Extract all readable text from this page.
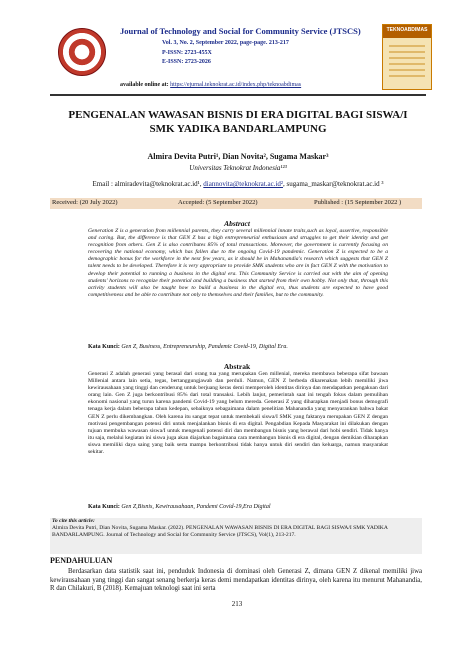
Journal of Technology and Social for Community Service (JTSCS)
Vol. 3, No. 2, September 2022, page-page. 213-217
P-ISSN: 2723-455X
E-ISSN: 2723-2026
available online at: https://ejurnal.teknokrat.ac.id/index.php/teknoabdimas
TEKNOABDIMAS
PENGENALAN WAWASAN BISNIS DI ERA DIGITAL BAGI SISWA/I
SMK YADIKA BANDARLAMPUNG
Almira Devita Putri¹, Dian Novita², Sugama Maskar³
Universitas Teknokrat Indonesia¹²³
Email : almiradevita@teknokrat.ac.id¹, diannovita@teknokrat.ac.id², sugama_maskar@teknokrat.ac.id ³
Received: (20 July 2022)	Accepted: (5 September 2022)	Published : (15 September 2022 )
Abstract
Generation Z is a generation from millennial parents, they carry several millennial innate traits,such as loyal, assertive, responsible and caring. But, the difference is that GEN Z has a high entrepreneurial enthusiasm and struggles to get their identity and get recognition from others. Gen Z is also contributes 85% of total transactions. Moreover, the government is currently focusing on recovering the national economy, which has fallen due to the ongoing Covid-19 pandemic. Generation Z is expected to be a demographic bonus for the workforce in the next few years, as it should be in Mahanandia's research which suggests that GEN Z talent needs to be developed. Therefore it is very appropriate to provide SMK students who are in fact GEN Z with the motivation to develop their potential to running a business in the digital era. This Community Service is carried out with the aim of opening students' horizons to recognize their potential and building a business that started from their own hobby. Not only that, through this activity students will also be taught how to build a business in the digital era, thus students are expected to have good competitiveness and be able to contribute not only to themselves and their families, but to the community.
Kata Kunci: Gen Z, Business, Entrepreneurship, Pandemic Covid-19, Digital Era.
Abstrak
Generasi Z adalah generasi yang berasal dari orang tua yang merupakan Gen millenial, mereka membawa beberapa sifat bawaan Millenial antara lain setia, tegas, bertanggungjawab dan perduli. Namun, GEN Z berbeda dikarenakan lebih memiliki jiwa kewirausahaan yang tinggi dan cenderung untuk berjuang keras demi memperoleh identitas dirinya dan mendapatkan pengakuan dari orang lain. Gen Z juga berkontribusi 85% dari total transaksi. Lebih lanjut, pemerintah saat ini tengah fokus dalam pemulihan ekonomi nasional yang turun karena pandemi Covid-19 yang belum mereda. Generasi Z yang diharapkan menjadi bonus demografi tenaga kerja dalam beberapa tahun kedepan, sebaiknya sebagaimana dalam penelitian Mahanandia yang menyarankan bahwa bakat GEN Z perlu dikembangkan. Oleh karena itu sangat tepat untuk membekali siswa/I SMK yang faktanya merupakan GEN Z dengan motivasi pengembangan potensi diri untuk menjalankan bisnis di era digital. Pengabdian Kepada Masyarakat ini dilakukan dengan tujuan membuka wawasan siswa/I untuk mengenali potensi diri dan membangun bisnis yang berawal dari hobi sendiri. Tidak hanya itu saja, melalui kegiatan ini siswa juga akan diajarkan bagaimana cara membangun bisnis di era digital, dengan demikian diharapkan siswa memiliki daya saing yang baik serta mampu berkontribusi tidak hanya untuk diri sendiri dan keluarga, namun masyarakat sekitar.
Kata Kunci: Gen Z,Bisnis, Kewirausahaan, Pandemi Covid-19,Era Digital
To cite this article:
Almira Devita Putri, Dian Novita, Sugama Maskar. (2022). PENGENALAN WAWASAN BISNIS DI ERA DIGITAL BAGI SISWA/I SMK YADIKA BANDARLAMPUNG. Journal of Technology and Social for Community Service (JTSCS), Vol(1), 213-217.
PENDAHULUAN
Berdasarkan data statistik saat ini, penduduk Indonesia di dominasi oleh Generasi Z, dimana GEN Z dikenal memiliki jiwa kewirausahaan yang tinggi dan sangat senang berkerja keras demi mendapatkan identitas dirinya, oleh karena itu menurut Mahanandia, R dan Chilakuri, B (2018). Kemajuan teknologi saat ini serta
213
